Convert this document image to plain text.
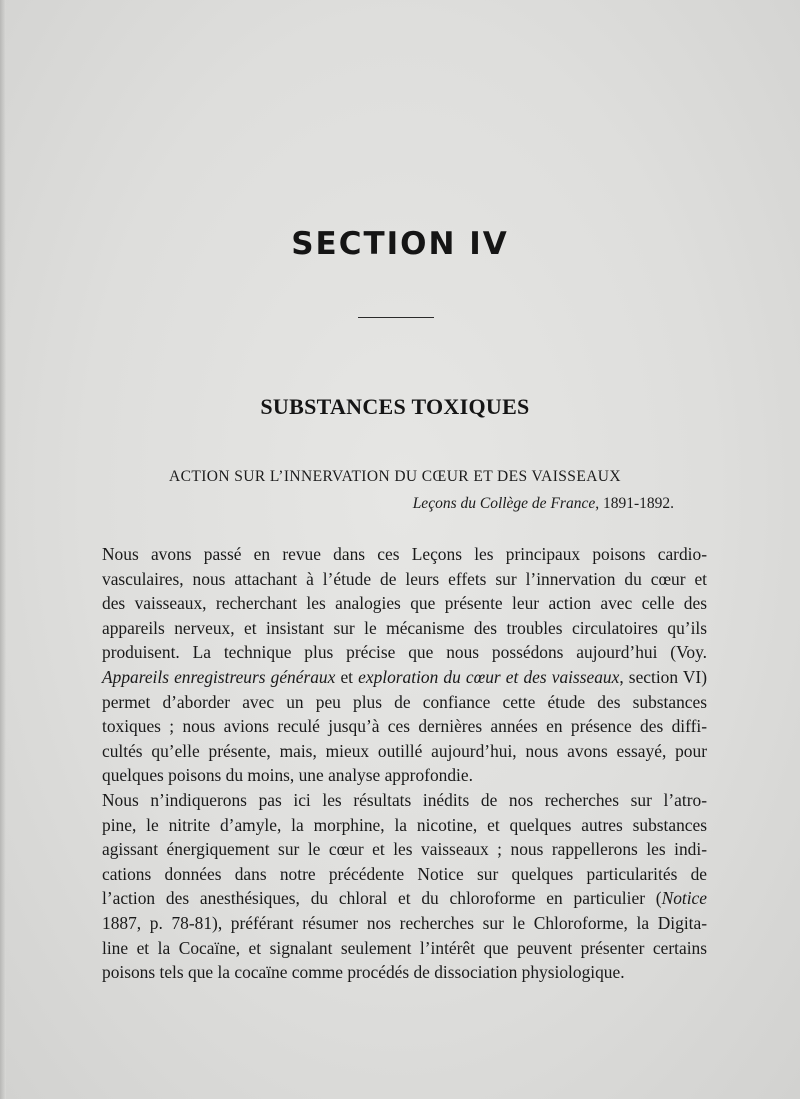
SECTION IV
SUBSTANCES TOXIQUES
ACTION SUR L’INNERVATION DU CŒUR ET DES VAISSEAUX
Leçons du Collège de France, 1891-1892.
Nous avons passé en revue dans ces Leçons les principaux poisons cardio-
vasculaires, nous attachant à l’étude de leurs effets sur l’innervation du cœur et
des vaisseaux, recherchant les analogies que présente leur action avec celle des
appareils nerveux, et insistant sur le mécanisme des troubles circulatoires qu’ils
produisent. La technique plus précise que nous possédons aujourd’hui (Voy.
Appareils enregistreurs généraux et exploration du cœur et des vaisseaux, section VI)
permet d’aborder avec un peu plus de confiance cette étude des substances
toxiques ; nous avions reculé jusqu’à ces dernières années en présence des diffi-
cultés qu’elle présente, mais, mieux outillé aujourd’hui, nous avons essayé, pour
quelques poisons du moins, une analyse approfondie.
Nous n’indiquerons pas ici les résultats inédits de nos recherches sur l’atro-
pine, le nitrite d’amyle, la morphine, la nicotine, et quelques autres substances
agissant énergiquement sur le cœur et les vaisseaux ; nous rappellerons les indi-
cations données dans notre précédente Notice sur quelques particularités de
l’action des anesthésiques, du chloral et du chloroforme en particulier (Notice
1887, p. 78-81), préférant résumer nos recherches sur le Chloroforme, la Digita-
line et la Cocaïne, et signalant seulement l’intérêt que peuvent présenter certains
poisons tels que la cocaïne comme procédés de dissociation physiologique.
